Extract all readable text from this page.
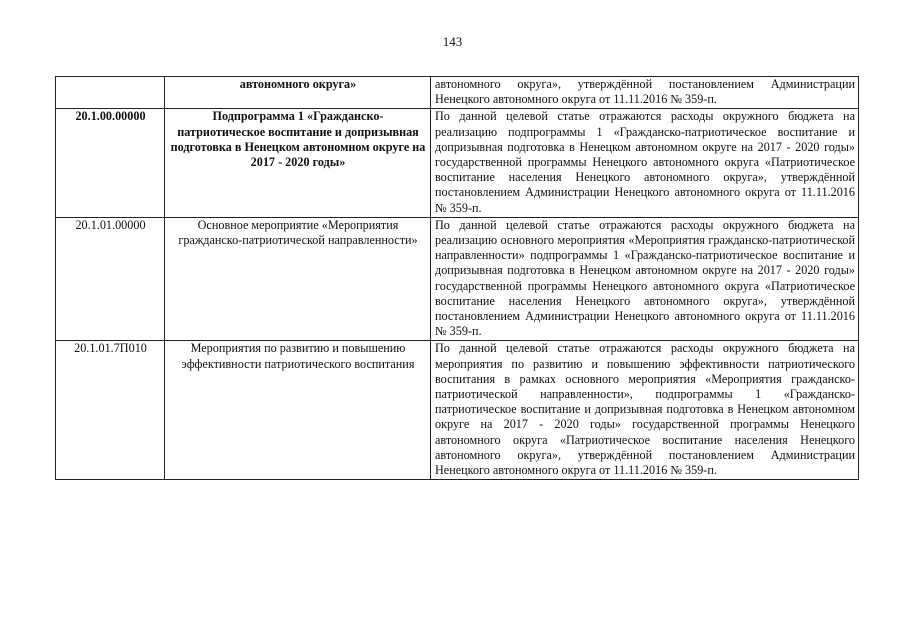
143
	автономного округа»	автономного округа», утверждённой постановлением Администрации Ненецкого автономного округа от 11.11.2016 № 359-п.
20.1.00.00000	Подпрограмма 1 «Гражданско-патриотическое воспитание и допризывная подготовка в Ненецком автономном округе на 2017 - 2020 годы»	По данной целевой статье отражаются расходы окружного бюджета на реализацию подпрограммы 1 «Гражданско-патриотическое воспитание и допризывная подготовка в Ненецком автономном округе на 2017 - 2020 годы» государственной программы Ненецкого автономного округа «Патриотическое воспитание населения Ненецкого автономного округа», утверждённой постановлением Администрации Ненецкого автономного округа от 11.11.2016 № 359-п.
20.1.01.00000	Основное мероприятие «Мероприятия гражданско-патриотической направленности»	По данной целевой статье отражаются расходы окружного бюджета на реализацию основного мероприятия «Мероприятия гражданско-патриотической направленности» подпрограммы 1 «Гражданско-патриотическое воспитание и допризывная подготовка в Ненецком автономном округе на 2017 - 2020 годы» государственной программы Ненецкого автономного округа «Патриотическое воспитание населения Ненецкого автономного округа», утверждённой постановлением Администрации Ненецкого автономного округа от 11.11.2016 № 359-п.
20.1.01.7П010	Мероприятия по развитию и повышению эффективности патриотического воспитания	По данной целевой статье отражаются расходы окружного бюджета на мероприятия по развитию и повышению эффективности патриотического воспитания в рамках основного мероприятия «Мероприятия гражданско-патриотической направленности», подпрограммы 1 «Гражданско-патриотическое воспитание и допризывная подготовка в Ненецком автономном округе на 2017 - 2020 годы» государственной программы Ненецкого автономного округа «Патриотическое воспитание населения Ненецкого автономного округа», утверждённой постановлением Администрации Ненецкого автономного округа от 11.11.2016 № 359-п.
